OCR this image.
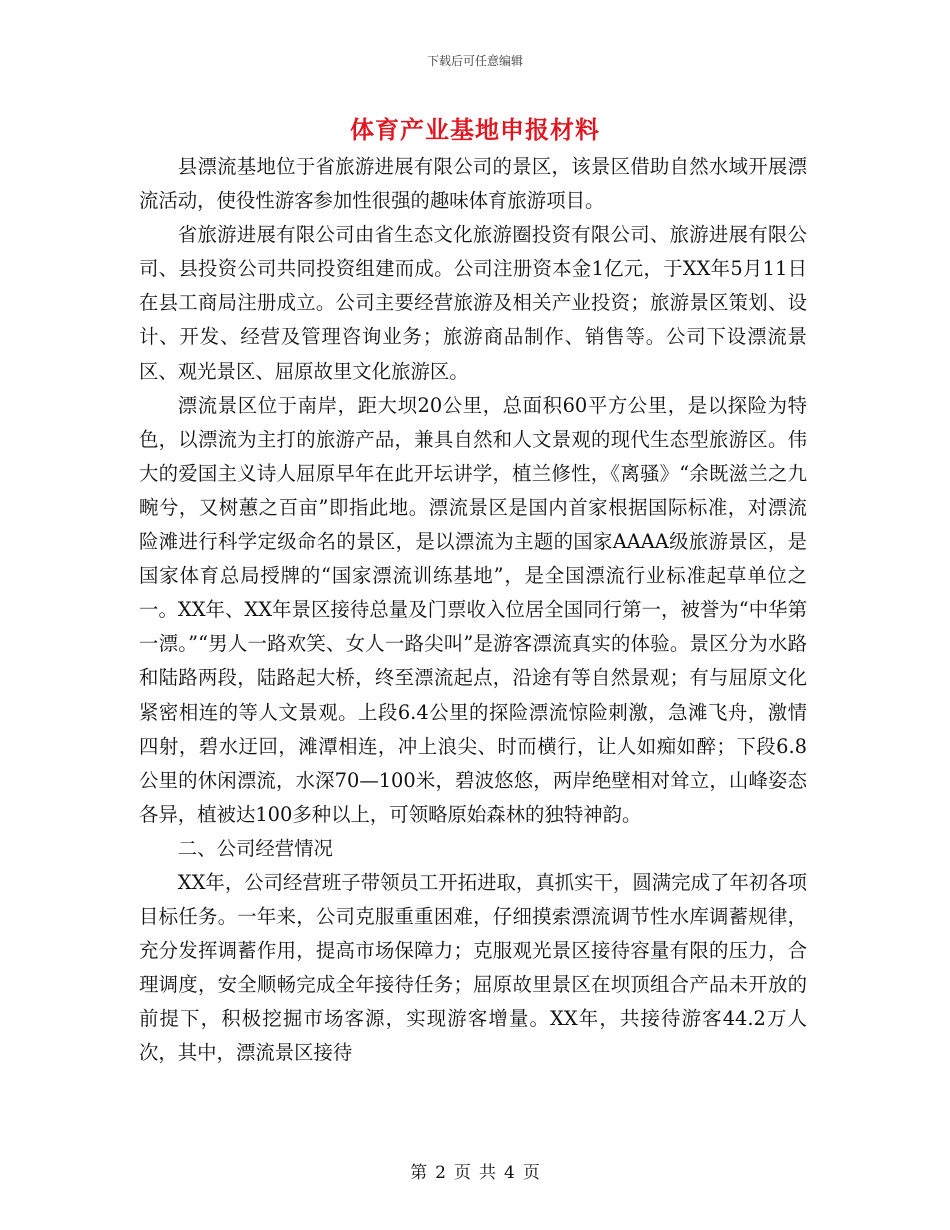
下载后可任意编辑
体育产业基地申报材料

县漂流基地位于省旅游进展有限公司的景区，该景区借助自然水域开展漂流活动，使役性游客参加性很强的趣味体育旅游项目。

省旅游进展有限公司由省生态文化旅游圈投资有限公司、旅游进展有限公司、县投资公司共同投资组建而成。公司注册资本金1亿元，于XX年5月11日在县工商局注册成立。公司主要经营旅游及相关产业投资；旅游景区策划、设计、开发、经营及管理咨询业务；旅游商品制作、销售等。公司下设漂流景区、观光景区、屈原故里文化旅游区。

漂流景区位于南岸，距大坝20公里，总面积60平方公里，是以探险为特色，以漂流为主打的旅游产品，兼具自然和人文景观的现代生态型旅游区。伟大的爱国主义诗人屈原早年在此开坛讲学，植兰修性，《离骚》“余既滋兰之九畹兮，又树蕙之百亩”即指此地。漂流景区是国内首家根据国际标准，对漂流险滩进行科学定级命名的景区，是以漂流为主题的国家AAAA级旅游景区，是国家体育总局授牌的“国家漂流训练基地”，是全国漂流行业标准起草单位之一。XX年、XX年景区接待总量及门票收入位居全国同行第一，被誉为“中华第一漂。”“男人一路欢笑、女人一路尖叫”是游客漂流真实的体验。景区分为水路和陆路两段，陆路起大桥，终至漂流起点，沿途有等自然景观；有与屈原文化紧密相连的等人文景观。上段6.4公里的探险漂流惊险刺激，急滩飞舟，激情四射，碧水迂回，滩潭相连，冲上浪尖、时而横行，让人如痴如醉；下段6.8公里的休闲漂流，水深70—100米，碧波悠悠，两岸绝壁相对耸立，山峰姿态各异，植被达100多种以上，可领略原始森林的独特神韵。

二、公司经营情况

XX年，公司经营班子带领员工开拓进取，真抓实干，圆满完成了年初各项目标任务。一年来，公司克服重重困难，仔细摸索漂流调节性水库调蓄规律，充分发挥调蓄作用，提高市场保障力；克服观光景区接待容量有限的压力，合理调度，安全顺畅完成全年接待任务；屈原故里景区在坝顶组合产品未开放的前提下，积极挖掘市场客源，实现游客增量。XX年，共接待游客44.2万人次，其中，漂流景区接待

第 2 页 共 4 页
